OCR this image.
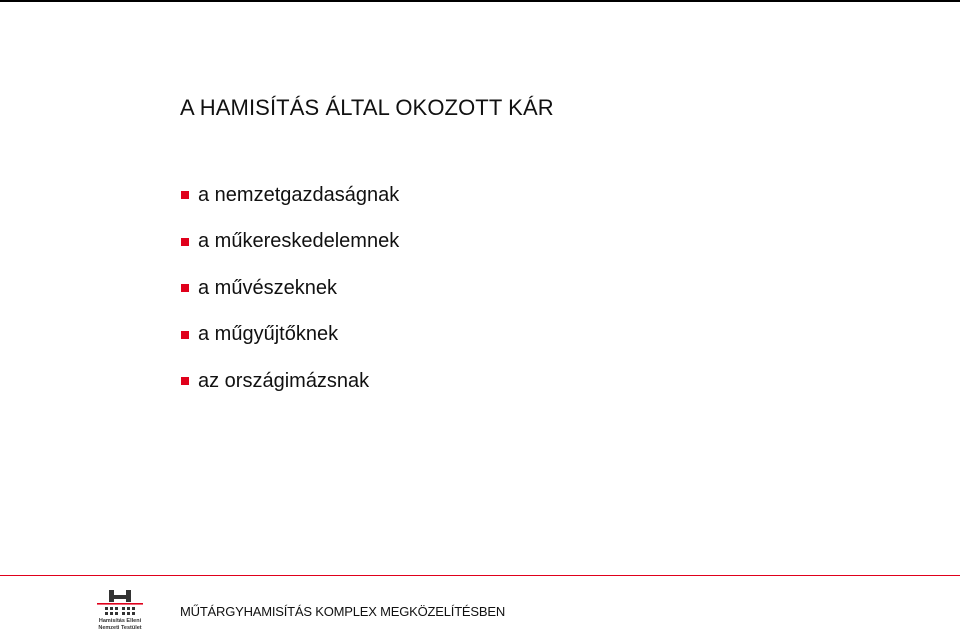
A HAMISÍTÁS ÁLTAL OKOZOTT KÁR
a nemzetgazdaságnak
a műkereskedelemnek
a művészeknek
a műgyűjtőknek
az országimázsnak
Hamisítás Elleni
Nemzeti Testület
MŰTÁRGYHAMISÍTÁS KOMPLEX MEGKÖZELÍTÉSBEN
